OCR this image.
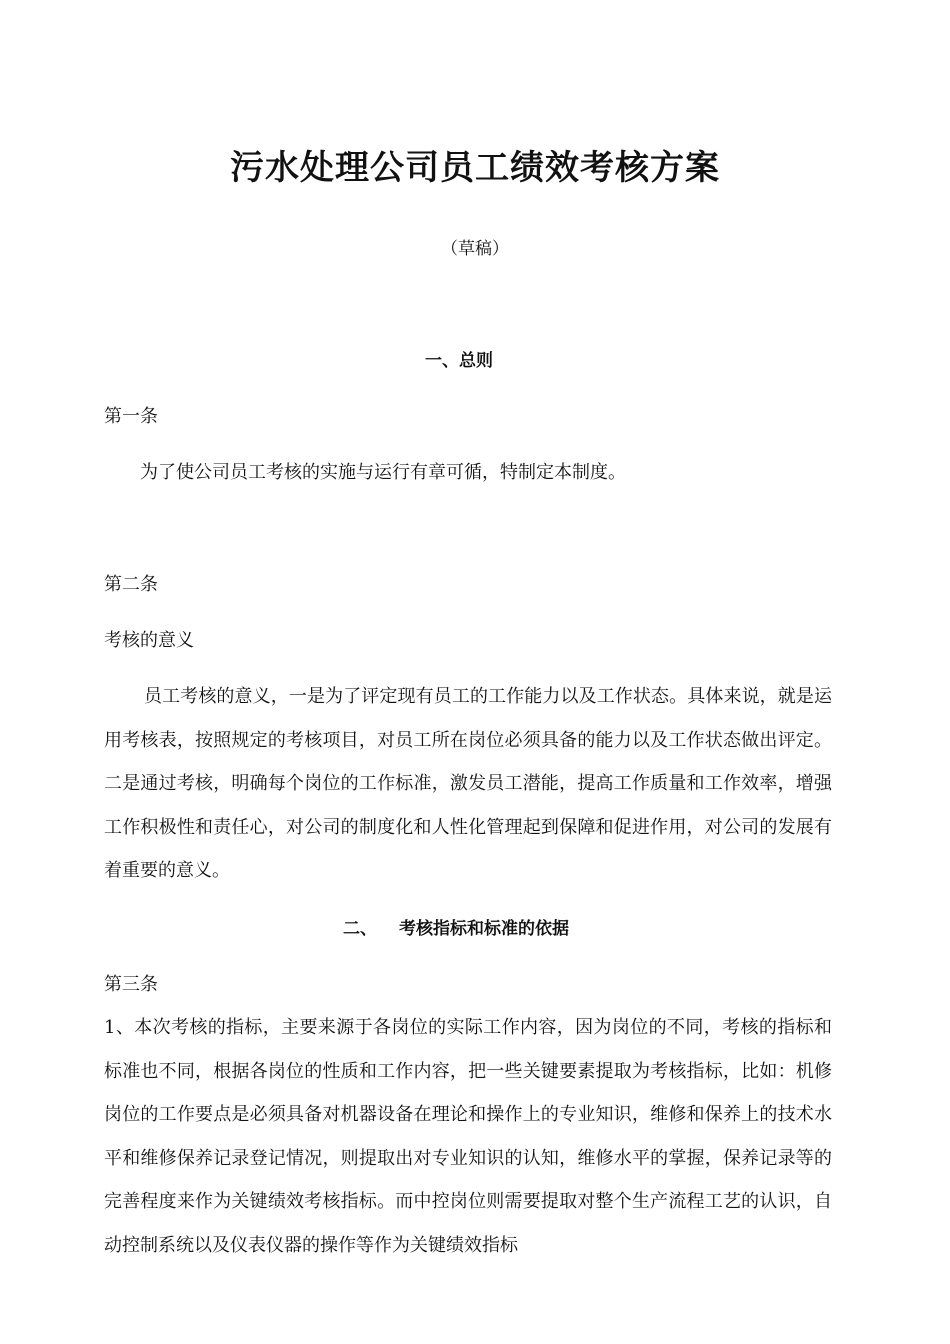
污水处理公司员工绩效考核方案
（草稿）
一、总则
第一条
为了使公司员工考核的实施与运行有章可循，特制定本制度。
第二条
考核的意义
员工考核的意义，一是为了评定现有员工的工作能力以及工作状态。具体来说，就是运用考核表，按照规定的考核项目，对员工所在岗位必须具备的能力以及工作状态做出评定。二是通过考核，明确每个岗位的工作标准，激发员工潜能，提高工作质量和工作效率，增强工作积极性和责任心，对公司的制度化和人性化管理起到保障和促进作用，对公司的发展有着重要的意义。
二、 考核指标和标准的依据
第三条
1、本次考核的指标，主要来源于各岗位的实际工作内容，因为岗位的不同，考核的指标和标准也不同，根据各岗位的性质和工作内容，把一些关键要素提取为考核指标，比如：机修岗位的工作要点是必须具备对机器设备在理论和操作上的专业知识，维修和保养上的技术水平和维修保养记录登记情况，则提取出对专业知识的认知，维修水平的掌握，保养记录等的完善程度来作为关键绩效考核指标。而中控岗位则需要提取对整个生产流程工艺的认识，自动控制系统以及仪表仪器的操作等作为关键绩效指标
